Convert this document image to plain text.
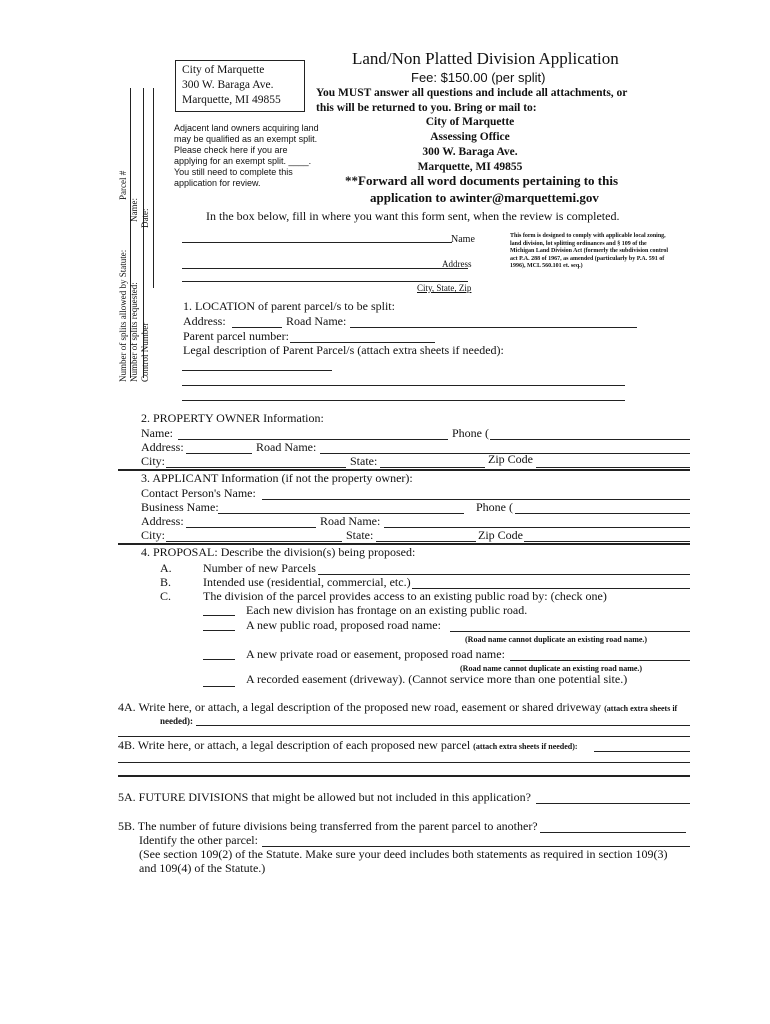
Number of splits allowed by Statute:
Parcel #
Number of splits requested:
Name:
Control Number
Date:
City of Marquette
300 W. Baraga Ave.
Marquette, MI 49855
Adjacent land owners acquiring land
may be qualified as an exempt split.
Please check here if you are
applying for an exempt split. ____.
You still need to complete this
application for review.
Land/Non Platted Division Application
Fee: $150.00 (per split)
You MUST answer all questions and include all attachments, or
this will be returned to you. Bring or mail to:
City of Marquette
Assessing Office
300 W. Baraga Ave.
Marquette, MI 49855
**Forward all word documents pertaining to this
application to awinter@marquettemi.gov
In the box below, fill in where you want this form sent, when the review is completed.
Name
Address
City, State, Zip
This form is designed to comply with applicable local zoning, land division, lot splitting ordinances and § 109 of the Michigan Land Division Act (formerly the subdivision control act P.A. 288 of 1967, as amended (particularly by P.A. 591 of 1996), MCL 560.101 et. seq.)
1. LOCATION of parent parcel/s to be split:
Address:	Road Name:
Parent parcel number:
Legal description of Parent Parcel/s (attach extra sheets if needed):
2. PROPERTY OWNER Information:
Name:	Phone (
Address:	Road Name:
City:	State:	Zip Code
3. APPLICANT Information (if not the property owner):
Contact Person's Name:
Business Name:	Phone (
Address:	Road Name:
City:	State:	Zip Code
4. PROPOSAL: Describe the division(s) being proposed:
A.	Number of new Parcels
B.	Intended use (residential, commercial, etc.)
C.	The division of the parcel provides access to an existing public road by: (check one)
Each new division has frontage on an existing public road.
A new public road, proposed road name:
(Road name cannot duplicate an existing road name.)
A new private road or easement, proposed road name:
(Road name cannot duplicate an existing road name.)
A recorded easement (driveway). (Cannot service more than one potential site.)
4A. Write here, or attach, a legal description of the proposed new road, easement or shared driveway (attach extra sheets if
needed):
4B. Write here, or attach, a legal description of each proposed new parcel (attach extra sheets if needed):
5A. FUTURE DIVISIONS that might be allowed but not included in this application?
5B. The number of future divisions being transferred from the parent parcel to another?
Identify the other parcel:
(See section 109(2) of the Statute. Make sure your deed includes both statements as required in section 109(3)
and 109(4) of the Statute.)
